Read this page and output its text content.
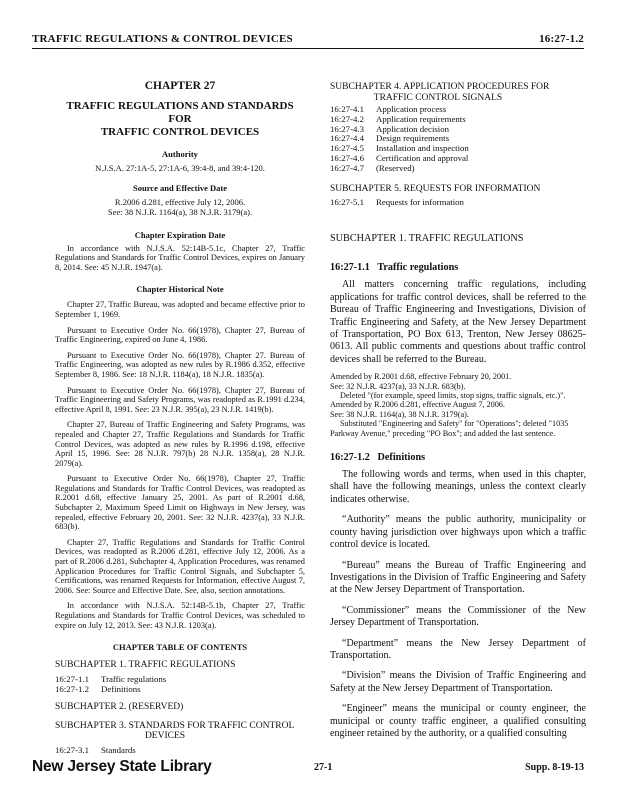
TRAFFIC REGULATIONS & CONTROL DEVICES	16:27-1.2
CHAPTER 27
TRAFFIC REGULATIONS AND STANDARDS FOR
TRAFFIC CONTROL DEVICES
Authority
N.J.S.A. 27:1A-5, 27:1A-6, 39:4-8, and 39:4-120.
Source and Effective Date
R.2006 d.281, effective July 12, 2006.
See: 38 N.J.R. 1164(a), 38 N.J.R. 3179(a).
Chapter Expiration Date

In accordance with N.J.S.A. 52:14B-5.1c, Chapter 27, Traffic Regulations and Standards for Traffic Control Devices, expires on January 8, 2014. See: 45 N.J.R. 1947(a).

Chapter Historical Note

Chapter 27, Traffic Bureau, was adopted and became effective prior to September 1, 1969.

Pursuant to Executive Order No. 66(1978), Chapter 27, Bureau of Traffic Engineering, expired on June 4, 1986.

Pursuant to Executive Order No. 66(1978), Chapter 27. Bureau of Traffic Engineering, was adopted as new rules by R.1986 d.352, effective September 8, 1986. See: 18 N.J.R. 1184(a), 18 N.J.R. 1835(a).

Pursuant to Executive Order No. 66(1978), Chapter 27, Bureau of Traffic Engineering and Safety Programs, was readopted as R.1991 d.234, effective April 8, 1991. See: 23 N.J.R. 395(a), 23 N.J.R. 1419(b).

Chapter 27, Bureau of Traffic Engineering and Safety Programs, was repealed and Chapter 27, Traffic Regulations and Standards for Traffic Control Devices, was adopted as new rules by R.1996 d.198, effective April 15, 1996. See: 28 N.J.R. 797(b) 28 N.J.R. 1358(a), 28 N.J.R. 2079(a).

Pursuant to Executive Order No. 66(1978), Chapter 27, Traffic Regulations and Standards for Traffic Control Devices, was readopted as R.2001 d.68, effective January 25, 2001. As part of R.2001 d.68, Subchapter 2, Maximum Speed Limit on Highways in New Jersey, was repealed, effective February 20, 2001. See: 32 N.J.R. 4237(a), 33 N.J.R. 683(b).

Chapter 27, Traffic Regulations and Standards for Traffic Control Devices, was readopted as R.2006 d.281, effective July 12, 2006. As a part of R.2006 d.281, Subchapter 4, Application Procedures, was renamed Application Procedures for Traffic Control Signals, and Subchapter 5, Certifications, was renamed Requests for Information, effective August 7, 2006. See: Source and Effective Date. See, also, section annotations.

In accordance with N.J.S.A. 52:14B-5.1b, Chapter 27, Traffic Regulations and Standards for Traffic Control Devices, was scheduled to expire on July 12, 2013. See: 43 N.J.R. 1203(a).

CHAPTER TABLE OF CONTENTS
SUBCHAPTER 1. TRAFFIC REGULATIONS
16:27-1.1	Traffic regulations
16:27-1.2	Definitions
SUBCHAPTER 2. (RESERVED)
SUBCHAPTER 3. STANDARDS FOR TRAFFIC CONTROL
DEVICES
16:27-3.1	Standards
SUBCHAPTER 4. APPLICATION PROCEDURES FOR
TRAFFIC CONTROL SIGNALS
16:27-4.1	Application process
16:27-4.2	Application requirements
16:27-4.3	Application decision
16:27-4.4	Design requirements
16:27-4.5	Installation and inspection
16:27-4.6	Certification and approval
16:27-4.7	(Reserved)
SUBCHAPTER 5. REQUESTS FOR INFORMATION
16:27-5.1	Requests for information
SUBCHAPTER 1. TRAFFIC REGULATIONS
16:27-1.1 Traffic regulations

All matters concerning traffic regulations, including applications for traffic control devices, shall be referred to the Bureau of Traffic Engineering and Investigations, Division of Traffic Engineering and Safety, at the New Jersey Department of Transportation, PO Box 613, Trenton, New Jersey 08625-0613. All public comments and questions about traffic control devices shall be referred to the Bureau.

Amended by R.2001 d.68, effective February 20, 2001.
See: 32 N.J.R. 4237(a), 33 N.J.R. 683(b).
Deleted "(for example, speed limits, stop signs, traffic signals, etc.)".
Amended by R.2006 d.281, effective August 7, 2006.
See: 38 N.J.R. 1164(a), 38 N.J.R. 3179(a).
Substituted "Engineering and Safety" for "Operations"; deleted "1035 Parkway Avenue," preceding "PO Box"; and added the last sentence.
16:27-1.2 Definitions

The following words and terms, when used in this chapter, shall have the following meanings, unless the context clearly indicates otherwise.

“Authority” means the public authority, municipality or county having jurisdiction over highways upon which a traffic control device is located.

“Bureau” means the Bureau of Traffic Engineering and Investigations in the Division of Traffic Engineering and Safety at the New Jersey Department of Transportation.

“Commissioner” means the Commissioner of the New Jersey Department of Transportation.

“Department” means the New Jersey Department of Transportation.

“Division” means the Division of Traffic Engineering and Safety at the New Jersey Department of Transportation.

“Engineer” means the municipal or county engineer, the municipal or county traffic engineer, a qualified consulting engineer retained by the authority, or a qualified consulting

New Jersey State Library	27-1	Supp. 8-19-13
